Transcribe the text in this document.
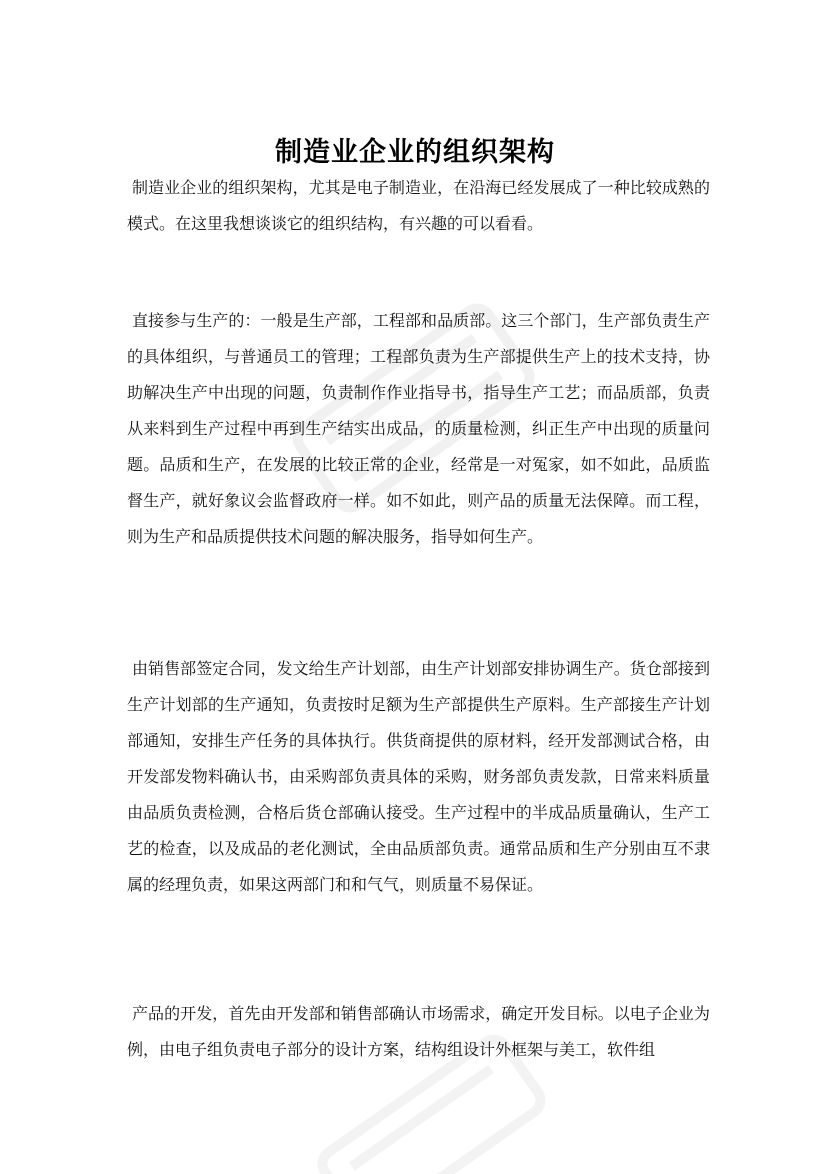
制造业企业的组织架构

制造业企业的组织架构，尤其是电子制造业，在沿海已经发展成了一种比较成熟的模式。在这里我想谈谈它的组织结构，有兴趣的可以看看。

直接参与生产的：一般是生产部，工程部和品质部。这三个部门，生产部负责生产的具体组织，与普通员工的管理；工程部负责为生产部提供生产上的技术支持，协助解决生产中出现的问题，负责制作作业指导书，指导生产工艺；而品质部，负责从来料到生产过程中再到生产结实出成品，的质量检测，纠正生产中出现的质量问题。品质和生产，在发展的比较正常的企业，经常是一对冤家，如不如此，品质监督生产，就好象议会监督政府一样。如不如此，则产品的质量无法保障。而工程，则为生产和品质提供技术问题的解决服务，指导如何生产。

由销售部签定合同，发文给生产计划部，由生产计划部安排协调生产。货仓部接到生产计划部的生产通知，负责按时足额为生产部提供生产原料。生产部接生产计划部通知，安排生产任务的具体执行。供货商提供的原材料，经开发部测试合格，由开发部发物料确认书，由采购部负责具体的采购，财务部负责发款，日常来料质量由品质负责检测，合格后货仓部确认接受。生产过程中的半成品质量确认，生产工艺的检查，以及成品的老化测试，全由品质部负责。通常品质和生产分别由互不隶属的经理负责，如果这两部门和和气气，则质量不易保证。

产品的开发，首先由开发部和销售部确认市场需求，确定开发目标。以电子企业为例，由电子组负责电子部分的设计方案，结构组设计外框架与美工，软件组
